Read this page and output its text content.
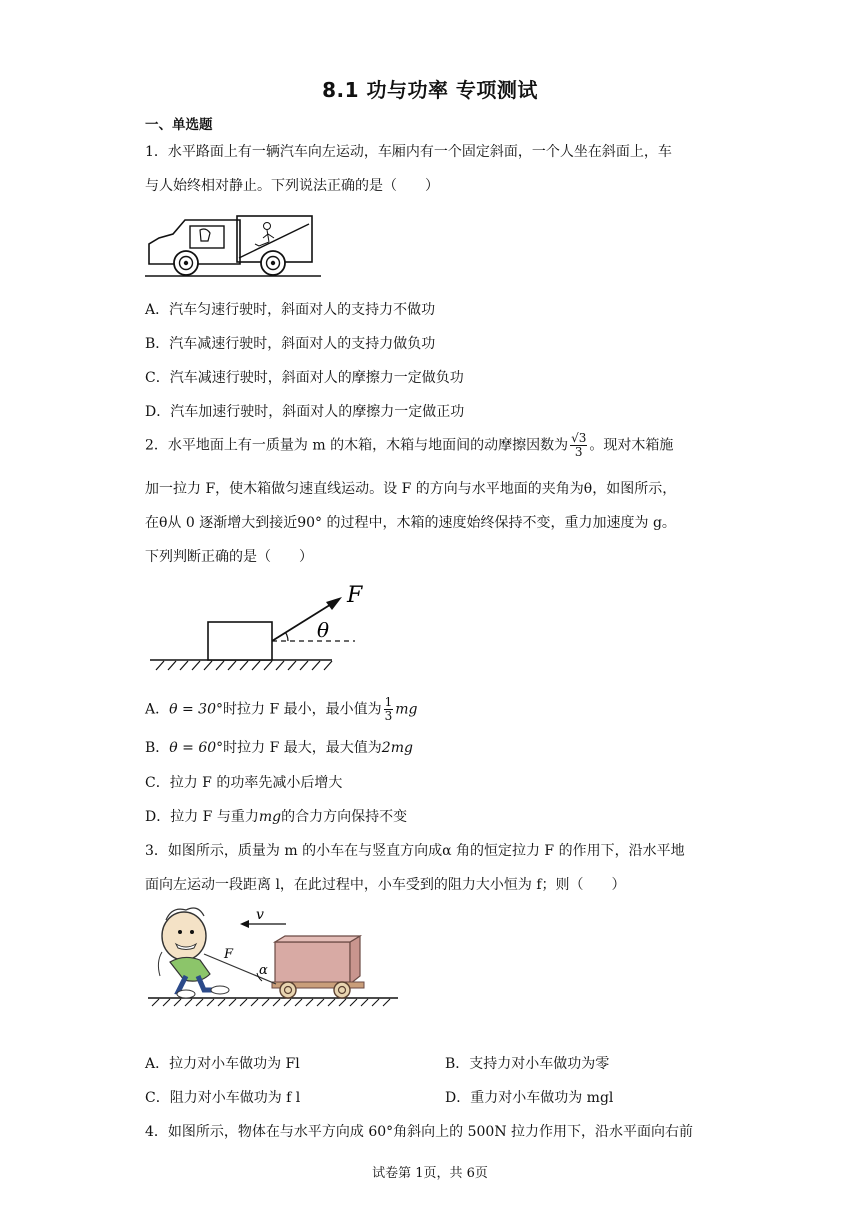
8.1 功与功率 专项测试
一、单选题
1．水平路面上有一辆汽车向左运动，车厢内有一个固定斜面，一个人坐在斜面上，车
与人始终相对静止。下列说法正确的是（　　）
A．汽车匀速行驶时，斜面对人的支持力不做功
B．汽车减速行驶时，斜面对人的支持力做负功
C．汽车减速行驶时，斜面对人的摩擦力一定做负功
D．汽车加速行驶时，斜面对人的摩擦力一定做正功
2．水平地面上有一质量为 m 的木箱，木箱与地面间的动摩擦因数为 $\frac{√3}{3}$ 。现对木箱施
加一拉力 F，使木箱做匀速直线运动。设 F 的方向与水平地面的夹角为θ，如图所示，
在θ从 0 逐渐增大到接近90° 的过程中，木箱的速度始终保持不变，重力加速度为 g。
下列判断正确的是（　　）
F
θ
A．θ = 30°时拉力 F 最小，最小值为 $\frac{1}{3}$ mg
B．θ = 60°时拉力 F 最大，最大值为2mg
C．拉力 F 的功率先减小后增大
D．拉力 F 与重力mg的合力方向保持不变
3．如图所示，质量为 m 的小车在与竖直方向成α 角的恒定拉力 F 的作用下，沿水平地
面向左运动一段距离 l，在此过程中，小车受到的阻力大小恒为 f；则（　　）
v
α
F
A．拉力对小车做功为 Fl	B．支持力对小车做功为零
C．阻力对小车做功为 f l	D．重力对小车做功为 mgl
4．如图所示，物体在与水平方向成 60°角斜向上的 500N 拉力作用下，沿水平面向右前
试卷第 1页，共 6页
